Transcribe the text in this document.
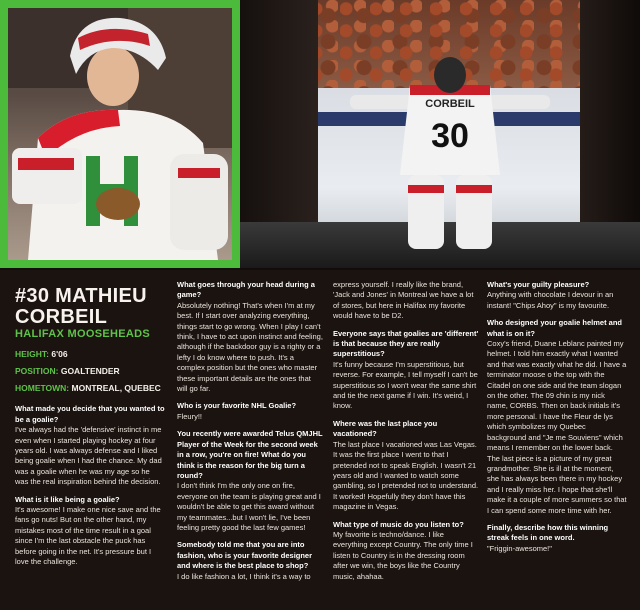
CORBEIL
30
#30 MATHIEU
CORBEIL
HALIFAX MOOSEHEADS
HEIGHT: 6'06
POSITION: GOALTENDER
HOMETOWN: MONTREAL, QUEBEC

What made you decide that you wanted to be a goalie?
I've always had the 'defensive' instinct in me even when I started playing hockey at four years old. I was always defense and I liked being goalie when I had the chance. My dad was a goalie when he was my age so he was the real inspiration behind the decision.

What is it like being a goalie?
It's awesome! I make one nice save and the fans go nuts! But on the other hand, my mistakes most of the time result in a goal since I'm the last obstacle the puck has before going in the net. It's pressure but I love the challenge.

What goes through your head during a game?
Absolutely nothing! That's when I'm at my best. If I start over analyzing everything, things start to go wrong. When I play I can't think, I have to act upon instinct and feeling, although if the backdoor guy is a righty or a lefty I do know where to push. It's a complex position but the ones who master these important details are the ones that will go far.

Who is your favorite NHL Goalie?
Fleury!!

You recently were awarded Telus QMJHL Player of the Week for the second week in a row, you're on fire! What do you think is the reason for the big turn a round?
I don't think I'm the only one on fire, everyone on the team is playing great and I wouldn't be able to get this award without my teammates...but I won't lie, I've been feeling pretty good the last few games!

Somebody told me that you are into fashion, who is your favorite designer and where is the best place to shop?
I do like fashion a lot, I think it's a way to

express yourself. I really like the brand, 'Jack and Jones' in Montreal we have a lot of stores, but here in Halifax my favorite would have to be D2.

Everyone says that goalies are 'different' is that because they are really superstitious?
It's funny because I'm superstitious, but reverse. For example, I tell myself I can't be superstitious so I won't wear the same shirt and tie the next game if I win. It's weird, I know.

Where was the last place you vacationed?
The last place I vacationed was Las Vegas. It was the first place I went to that I pretended not to speak English. I wasn't 21 years old and I wanted to watch some gambling, so I pretended not to understand. It worked! Hopefully they don't have this magazine in Vegas.

What type of music do you listen to?
My favorite is techno/dance. I like everything except Country. The only time I listen to Country is in the dressing room after we win, the boys like the Country music, ahahaa.

What's your guilty pleasure?
Anything with chocolate I devour in an instant! "Chips Ahoy" is my favourite.

Who designed your goalie helmet and what is on it?
Coxy's friend, Duane Leblanc painted my helmet. I told him exactly what I wanted and that was exactly what he did. I have a terminator moose o the top with the Citadel on one side and the team slogan on the other. The 09 chin is my nick name, CORBS. Then on back initials it's more personal. I have the Fleur de lys which symbolizes my Quebec background and "Je me Souviens" which means I remember on the lower back. The last piece is a picture of my great grandmother. She is ill at the moment, she has always been there in my hockey and I really miss her. I hope that she'll make it a couple of more summers so that I can spend some more time with her.

Finally, describe how this winning streak feels in one word.
"Friggin-awesome!"
